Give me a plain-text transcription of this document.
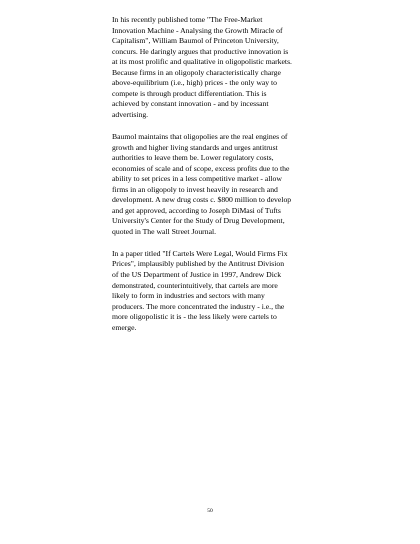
In his recently published tome "The Free-Market
Innovation Machine - Analysing the Growth Miracle of
Capitalism", William Baumol of Princeton University,
concurs. He daringly argues that productive innovation is
at its most prolific and qualitative in oligopolistic markets.
Because firms in an oligopoly characteristically charge
above-equilibrium (i.e., high) prices - the only way to
compete is through product differentiation. This is
achieved by constant innovation - and by incessant
advertising.

Baumol maintains that oligopolies are the real engines of
growth and higher living standards and urges antitrust
authorities to leave them be. Lower regulatory costs,
economies of scale and of scope, excess profits due to the
ability to set prices in a less competitive market - allow
firms in an oligopoly to invest heavily in research and
development. A new drug costs c. $800 million to develop
and get approved, according to Joseph DiMasi of Tufts
University's Center for the Study of Drug Development,
quoted in The wall Street Journal.

In a paper titled "If Cartels Were Legal, Would Firms Fix
Prices", implausibly published by the Antitrust Division
of the US Department of Justice in 1997, Andrew Dick
demonstrated, counterintuitively, that cartels are more
likely to form in industries and sectors with many
producers. The more concentrated the industry - i.e., the
more oligopolistic it is - the less likely were cartels to
emerge.

50
